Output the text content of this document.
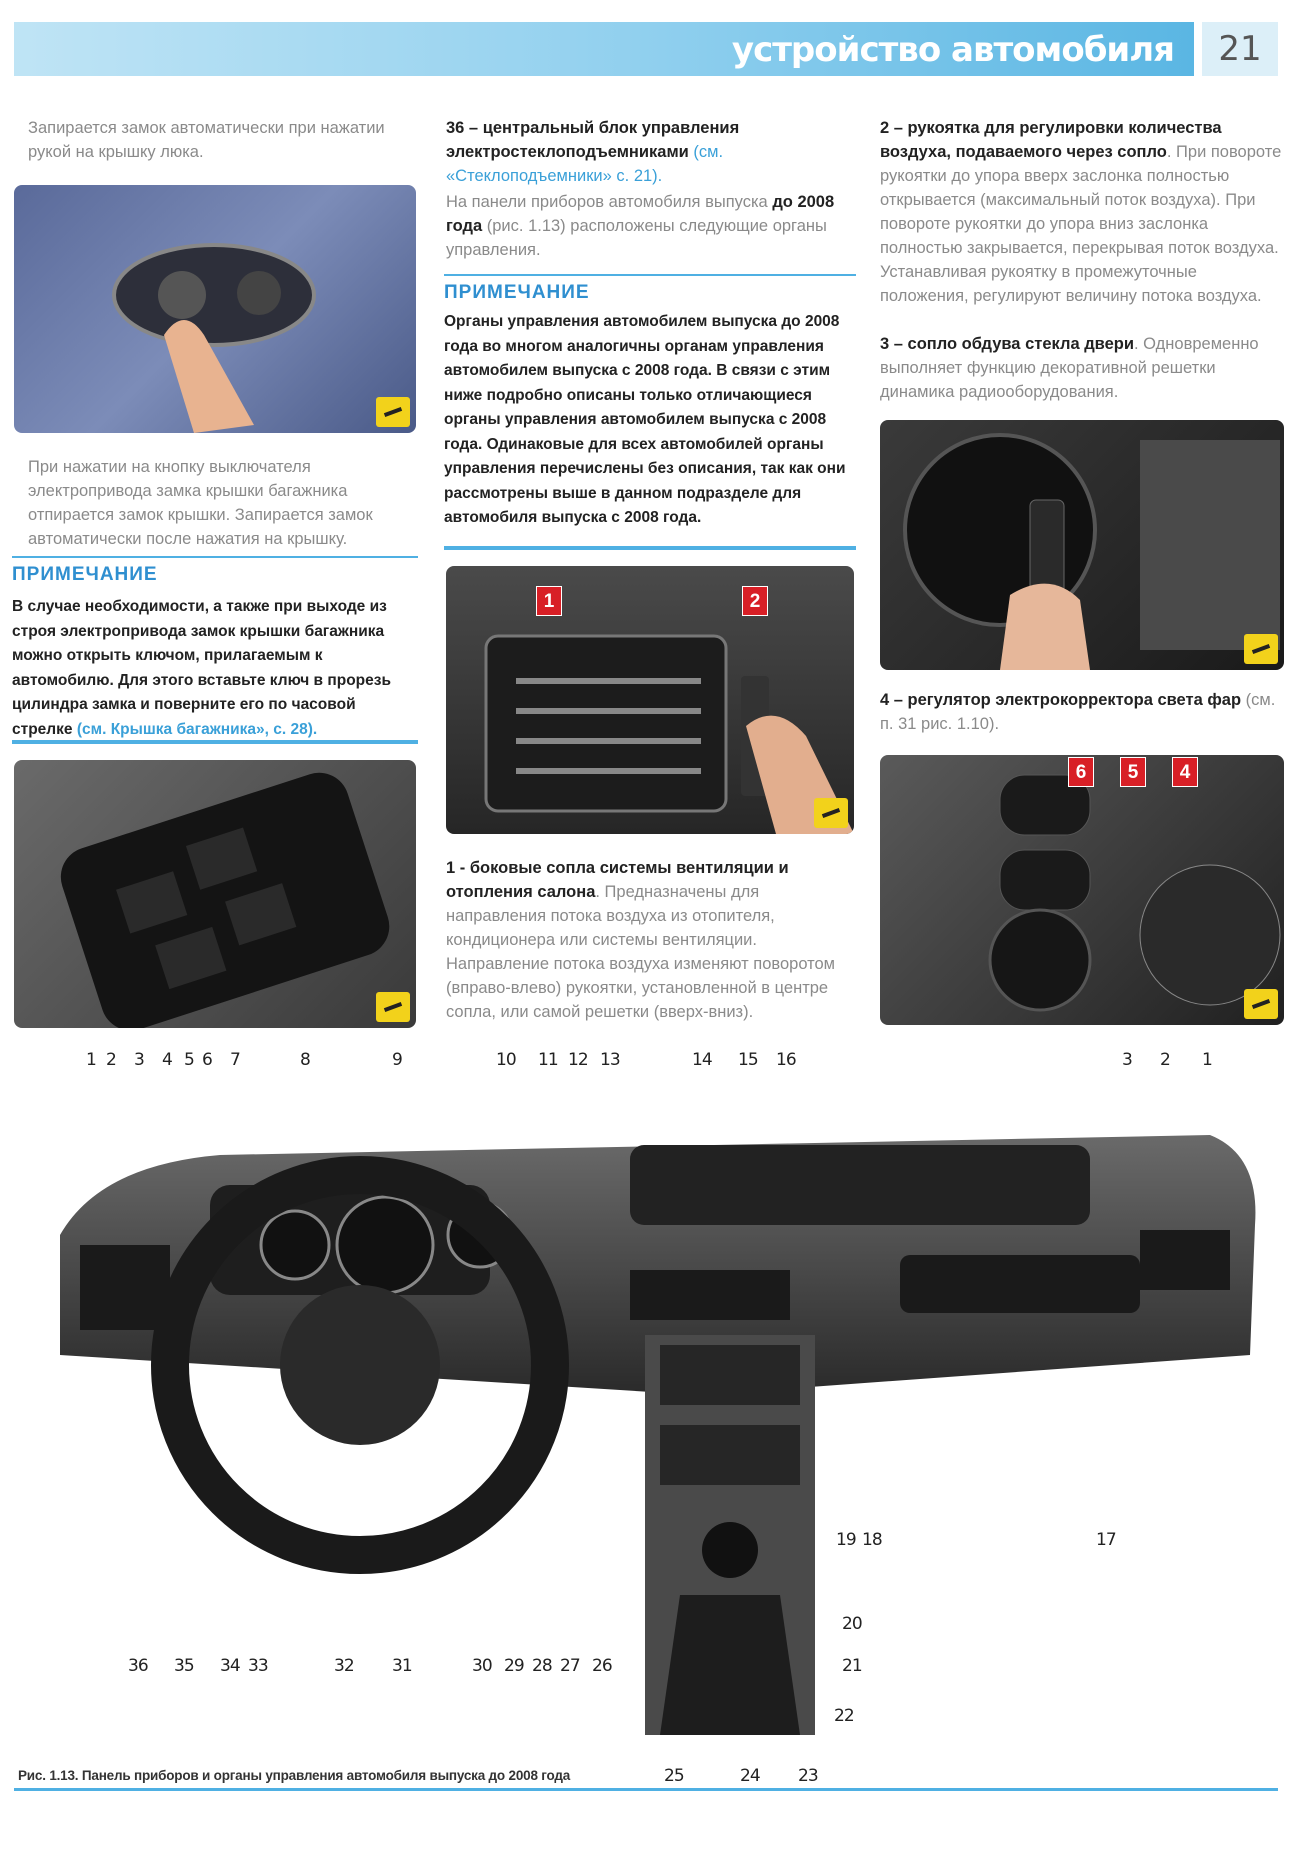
устройство автомобиля	21
Запирается замок автоматически при нажатии рукой на крышку люка.
При нажатии на кнопку выключателя электропривода замка крышки багажника отпирается замок крышки. Запирается замок автоматически после нажатия на крышку.
ПРИМЕЧАНИЕ
В случае необходимости, а также при выходе из строя электропривода замок крышки багажника можно открыть ключом, прилагаемым к автомобилю. Для этого вставьте ключ в прорезь цилиндра замка и поверните его по часовой стрелке (см. Крышка багажника», с. 28).
36 – центральный блок управления электростеклоподъемниками (см. «Стеклоподъемники» с. 21).
На панели приборов автомобиля выпуска до 2008 года (рис. 1.13) расположены следующие органы управления.
ПРИМЕЧАНИЕ
Органы управления автомобилем выпуска до 2008 года во многом аналогичны органам управления автомобилем выпуска с 2008 года. В связи с этим ниже подробно описаны только отличающиеся органы управления автомобилем выпуска с 2008 года. Одинаковые для всех автомобилей органы управления перечислены без описания, так как они рассмотрены выше в данном подразделе для автомобиля выпуска с 2008 года.
1	2
1 - боковые сопла системы вентиляции и отопления салона. Предназначены для направления потока воздуха из отопителя, кондиционера или системы вентиляции. Направление потока воздуха изменяют поворотом (вправо-влево) рукоятки, установленной в центре сопла, или самой решетки (вверх-вниз).
2 – рукоятка для регулировки количества воздуха, подаваемого через сопло. При повороте рукоятки до упора вверх заслонка полностью открывается (максимальный поток воздуха). При повороте рукоятки до упора вниз заслонка полностью закрывается, перекрывая поток воздуха. Устанавливая рукоятку в промежуточные положения, регулируют величину потока воздуха.
3 – сопло обдува стекла двери. Одновременно выполняет функцию декоративной решетки динамика радиооборудования.
4 – регулятор электрокорректора света фар (см. п. 31 рис. 1.10).
6	5	4
1 2 3 4 5 6 7	8	9	10 11 12 13	14 15 16	3 2 1
36 35 34 33	32 31	30 29 28 27 26
19 18	17
20
21
22
23
24
25
Рис. 1.13. Панель приборов и органы управления автомобиля выпуска до 2008 года
